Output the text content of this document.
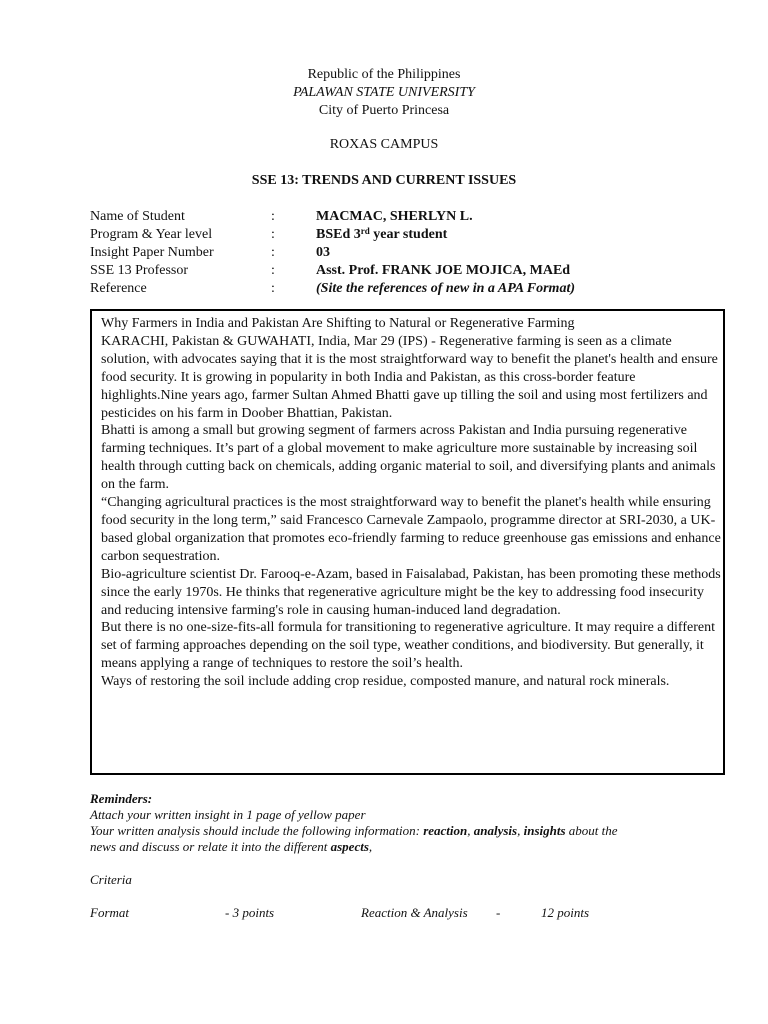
Republic of the Philippines
PALAWAN STATE UNIVERSITY
City of Puerto Princesa
ROXAS CAMPUS
SSE 13: TRENDS AND CURRENT ISSUES
Name of Student	:	MACMAC, SHERLYN L.
Program & Year level	:	BSEd 3rd year student
Insight Paper Number	:	03
SSE 13 Professor	:	Asst. Prof. FRANK JOE MOJICA, MAEd
Reference	:	(Site the references of new in a APA Format)

Why Farmers in India and Pakistan Are Shifting to Natural or Regenerative Farming

KARACHI, Pakistan & GUWAHATI, India, Mar 29 (IPS) - Regenerative farming is seen as a climate solution, with advocates saying that it is the most straightforward way to benefit the planet's health and ensure food security. It is growing in popularity in both India and Pakistan, as this cross-border feature highlights.Nine years ago, farmer Sultan Ahmed Bhatti gave up tilling the soil and using most fertilizers and pesticides on his farm in Doober Bhattian, Pakistan.

Bhatti is among a small but growing segment of farmers across Pakistan and India pursuing regenerative farming techniques. It’s part of a global movement to make agriculture more sustainable by increasing soil health through cutting back on chemicals, adding organic material to soil, and diversifying plants and animals on the farm.

“Changing agricultural practices is the most straightforward way to benefit the planet's health while ensuring food security in the long term,” said Francesco Carnevale Zampaolo, programme director at SRI-2030, a UK-based global organization that promotes eco-friendly farming to reduce greenhouse gas emissions and enhance carbon sequestration.

Bio-agriculture scientist Dr. Farooq-e-Azam, based in Faisalabad, Pakistan, has been promoting these methods since the early 1970s. He thinks that regenerative agriculture might be the key to addressing food insecurity and reducing intensive farming's role in causing human-induced land degradation.

But there is no one-size-fits-all formula for transitioning to regenerative agriculture. It may require a different set of farming approaches depending on the soil type, weather conditions, and biodiversity. But generally, it means applying a range of techniques to restore the soil’s health.

Ways of restoring the soil include adding crop residue, composted manure, and natural rock minerals.

Reminders:
Attach your written insight in 1 page of yellow paper
Your written analysis should include the following information: reaction, analysis, insights about the
news and discuss or relate it into the different aspects,
Criteria
Format	- 3 points	Reaction & Analysis -	12 points
